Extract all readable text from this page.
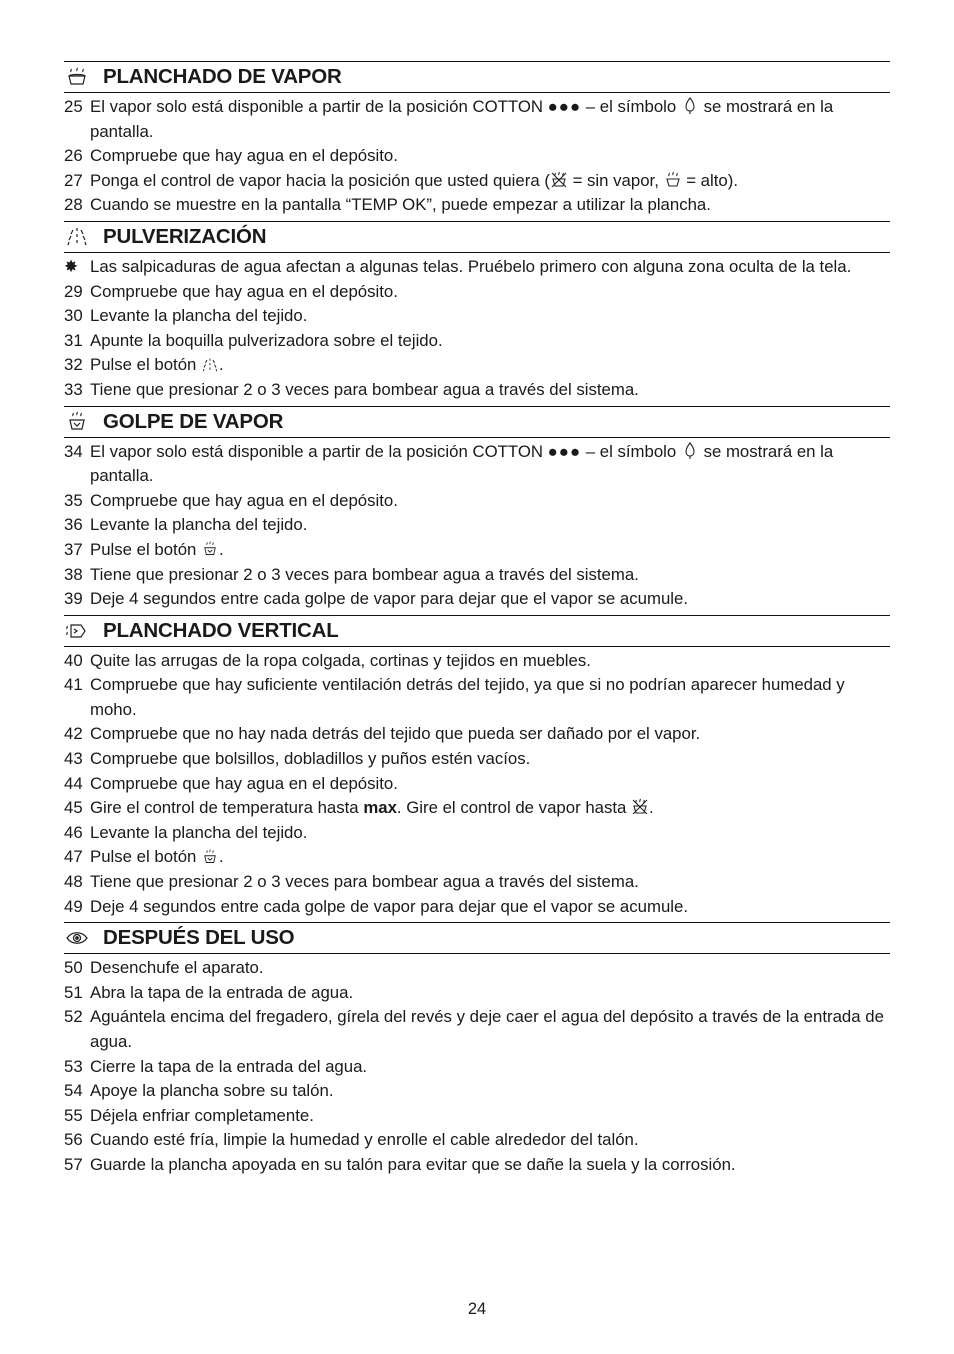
PLANCHADO DE VAPOR
25 El vapor solo está disponible a partir de la posición COTTON ●●● – el símbolo  se mostrará en la pantalla.
26 Compruebe que hay agua en el depósito.
27 Ponga el control de vapor hacia la posición que usted quiera ( = sin vapor,  = alto).
28 Cuando se muestre en la pantalla “TEMP OK”, puede empezar a utilizar la plancha.
PULVERIZACIÓN
✸ Las salpicaduras de agua afectan a algunas telas. Pruébelo primero con alguna zona oculta de la tela.
29 Compruebe que hay agua en el depósito.
30 Levante la plancha del tejido.
31 Apunte la boquilla pulverizadora sobre el tejido.
32 Pulse el botón .
33 Tiene que presionar 2 o 3 veces para bombear agua a través del sistema.
GOLPE DE VAPOR
34 El vapor solo está disponible a partir de la posición COTTON ●●● – el símbolo  se mostrará en la pantalla.
35 Compruebe que hay agua en el depósito.
36 Levante la plancha del tejido.
37 Pulse el botón .
38 Tiene que presionar 2 o 3 veces para bombear agua a través del sistema.
39 Deje 4 segundos entre cada golpe de vapor para dejar que el vapor se acumule.
PLANCHADO VERTICAL
40 Quite las arrugas de la ropa colgada, cortinas y tejidos en muebles.
41 Compruebe que hay suficiente ventilación detrás del tejido, ya que si no podrían aparecer humedad y moho.
42 Compruebe que no hay nada detrás del tejido que pueda ser dañado por el vapor.
43 Compruebe que bolsillos, dobladillos y puños estén vacíos.
44 Compruebe que hay agua en el depósito.
45 Gire el control de temperatura hasta max. Gire el control de vapor hasta .
46 Levante la plancha del tejido.
47 Pulse el botón .
48 Tiene que presionar 2 o 3 veces para bombear agua a través del sistema.
49 Deje 4 segundos entre cada golpe de vapor para dejar que el vapor se acumule.
DESPUÉS DEL USO
50 Desenchufe el aparato.
51 Abra la tapa de la entrada de agua.
52 Aguántela encima del fregadero, gírela del revés y deje caer el agua del depósito a través de la entrada de agua.
53 Cierre la tapa de la entrada del agua.
54 Apoye la plancha sobre su talón.
55 Déjela enfriar completamente.
56 Cuando esté fría, limpie la humedad y enrolle el cable alrededor del talón.
57 Guarde la plancha apoyada en su talón para evitar que se dañe la suela y la corrosión.
24
